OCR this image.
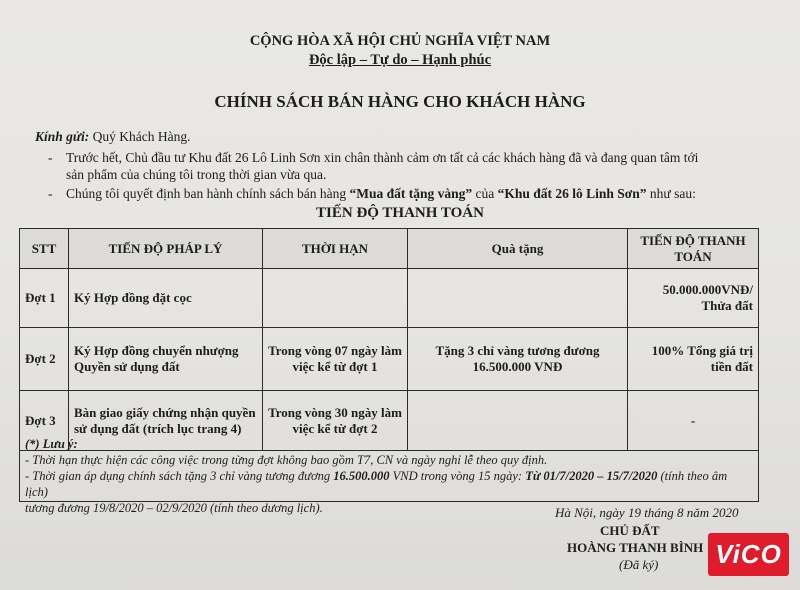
CỘNG HÒA XÃ HỘI CHỦ NGHĨA VIỆT NAM
Độc lập – Tự do – Hạnh phúc
CHÍNH SÁCH BÁN HÀNG CHO KHÁCH HÀNG
Kính gửi: Quý Khách Hàng.
- Trước hết, Chủ đầu tư Khu đất 26 Lô Linh Sơn xin chân thành cảm ơn tất cả các khách hàng đã và đang quan tâm tới sản phẩm của chúng tôi trong thời gian vừa qua.
- Chúng tôi quyết định ban hành chính sách bán hàng “Mua đất tặng vàng” của “Khu đất 26 lô Linh Sơn” như sau:
TIẾN ĐỘ THANH TOÁN
STT	TIẾN ĐỘ PHÁP LÝ	THỜI HẠN	Quà tặng	TIẾN ĐỘ THANH TOÁN
Đợt 1	Ký Hợp đồng đặt cọc			50.000.000VNĐ/ Thửa đất
Đợt 2	Ký Hợp đồng chuyển nhượng Quyền sử dụng đất	Trong vòng 07 ngày làm việc kể từ đợt 1	Tặng 3 chỉ vàng tương đương 16.500.000 VNĐ	100% Tổng giá trị tiền đất
Đợt 3	Bàn giao giấy chứng nhận quyền sử dụng đất (trích lục trang 4)	Trong vòng 30 ngày làm việc kể từ đợt 2		-
(*) Lưu ý:
- Thời hạn thực hiện các công việc trong từng đợt không bao gồm T7, CN và ngày nghỉ lễ theo quy định.
- Thời gian áp dụng chính sách tặng 3 chỉ vàng tương đương 16.500.000 VND trong vòng 15 ngày: Từ 01/7/2020 – 15/7/2020 (tính theo âm lịch)
tương đương 19/8/2020 – 02/9/2020 (tính theo dương lịch).	Hà Nội, ngày 19 tháng 8 năm 2020
CHỦ ĐẤT
HOÀNG THANH BÌNH
(Đã ký) ViCO
